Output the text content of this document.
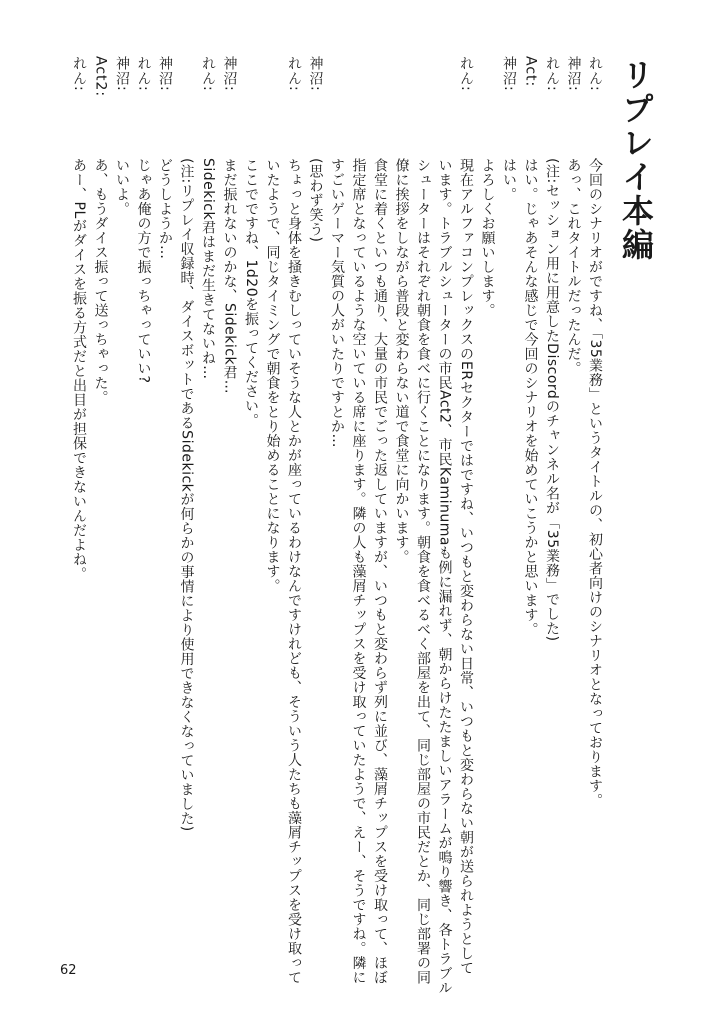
リプレイ本編
れん:
今回のシナリオがですね、「35業務」というタイトルの、初心者向けのシナリオとなっております。
神沼:
あっ、これタイトルだったんだ。
れん:
(注:セッション用に用意したDiscordのチャンネル名が「35業務」でした)
Act:
はい。じゃあそんな感じで今回のシナリオを始めていこうかと思います。
神沼:
はい。
よろしくお願いします。
れん:
現在アルファコンプレックスのERセクターではですね、いつもと変わらない日常、いつもと変わらない朝が送られようとして
います。トラブルシューターの市民Act2、市民Kaminumaも例に漏れず、朝からけたたましいアラームが鳴り響き、各トラブル
シューターはそれぞれ朝食を食べに行くことになります。朝食を食べるべく部屋を出て、同じ部屋の市民だとか、同じ部署の同
僚に挨拶をしながら普段と変わらない道で食堂に向かいます。
食堂に着くといつも通り、大量の市民でごった返していますが、いつもと変わらず列に並び、藻屑チップスを受け取って、ほぼ
指定席となっているような空いている席に座ります。隣の人も藻屑チップスを受け取っていたようで、えー、そうですね。隣に
すごいゲーマー気質の人がいたりですとか…
神沼:
(思わず笑う)
れん:
ちょっと身体を掻きむしっていそうな人とかが座っているわけなんですけれども、そういう人たちも藻屑チップスを受け取って
いたようで、同じタイミングで朝食をとり始めることになります。
ここでですね、1d20を振ってください。
神沼:
まだ振れないのかな、Sidekick君…
れん:
Sidekick君はまだ生きてないね…
(注:リプレイ収録時、ダイスボットであるSidekickが何らかの事情により使用できなくなっていました)
神沼:
どうしようか…
れん:
じゃあ俺の方で振っちゃっていい?
神沼:
いいよ。
Act2:
あ、もうダイス振って送っちゃった。
れん:
あー、PLがダイスを振る方式だと出目が担保できないんだよね。
62
